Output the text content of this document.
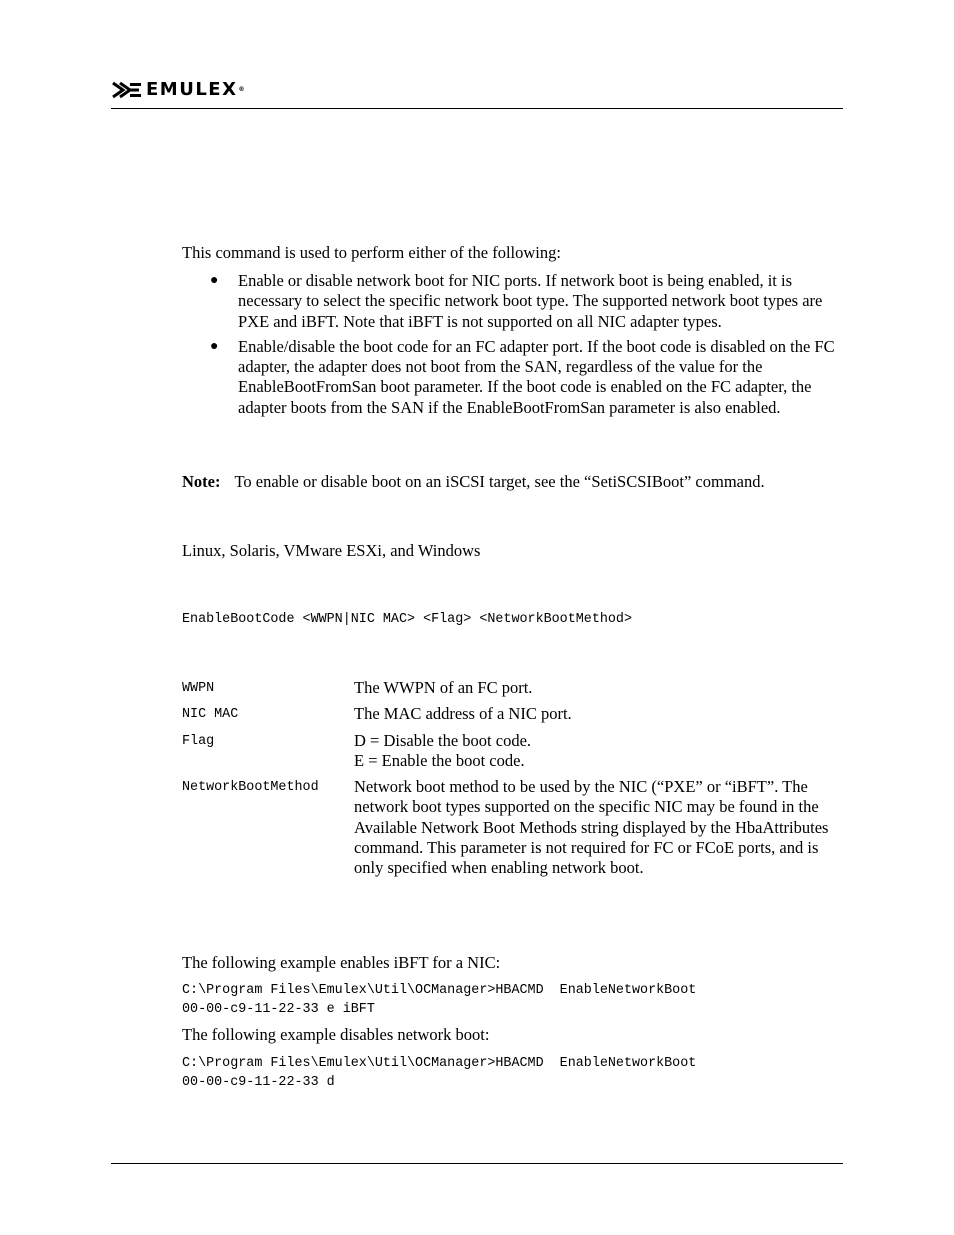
EMULEX®
This command is used to perform either of the following:
● Enable or disable network boot for NIC ports. If network boot is being enabled, it is necessary to select the specific network boot type. The supported network boot types are PXE and iBFT. Note that iBFT is not supported on all NIC adapter types.
● Enable/disable the boot code for an FC adapter port. If the boot code is disabled on the FC adapter, the adapter does not boot from the SAN, regardless of the value for the EnableBootFromSan boot parameter. If the boot code is enabled on the FC adapter, the adapter boots from the SAN if the EnableBootFromSan parameter is also enabled.
Note: To enable or disable boot on an iSCSI target, see the “SetiSCSIBoot” command.
Linux, Solaris, VMware ESXi, and Windows
EnableBootCode <WWPN|NIC MAC> <Flag> <NetworkBootMethod>
WWPN	The WWPN of an FC port.
NIC MAC	The MAC address of a NIC port.
Flag	D = Disable the boot code.
E = Enable the boot code.
NetworkBootMethod Network boot method to be used by the NIC (“PXE” or “iBFT”. The network boot types supported on the specific NIC may be found in the Available Network Boot Methods string displayed by the HbaAttributes command. This parameter is not required for FC or FCoE ports, and is only specified when enabling network boot.
The following example enables iBFT for a NIC:
C:\Program Files\Emulex\Util\OCManager>HBACMD  EnableNetworkBoot
00-00-c9-11-22-33 e iBFT
The following example disables network boot:
C:\Program Files\Emulex\Util\OCManager>HBACMD  EnableNetworkBoot
00-00-c9-11-22-33 d
